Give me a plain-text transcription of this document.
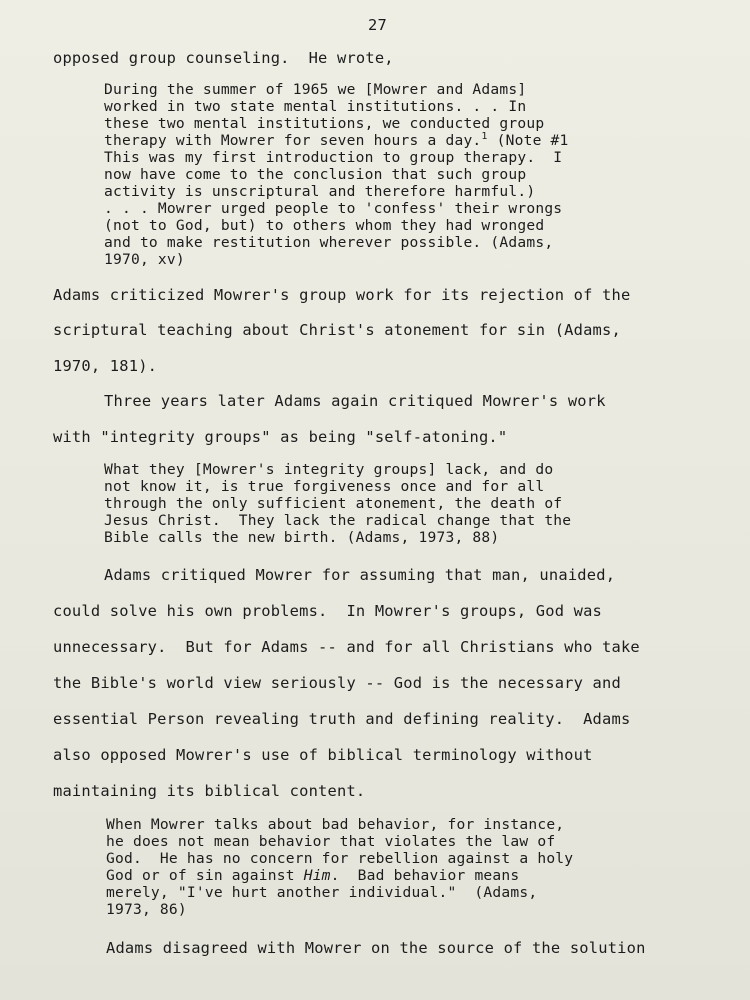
27
opposed group counseling.  He wrote,
During the summer of 1965 we [Mowrer and Adams]
worked in two state mental institutions. . . In
these two mental institutions, we conducted group
therapy with Mowrer for seven hours a day.$^1$ (Note #1
This was my first introduction to group therapy.  I
now have come to the conclusion that such group
activity is unscriptural and therefore harmful.)
. . . Mowrer urged people to 'confess' their wrongs
(not to God, but) to others whom they had wronged
and to make restitution wherever possible. (Adams,
1970, xv)
Adams criticized Mowrer's group work for its rejection of the
scriptural teaching about Christ's atonement for sin (Adams,
1970, 181).
Three years later Adams again critiqued Mowrer's work
with "integrity groups" as being "self-atoning."
What they [Mowrer's integrity groups] lack, and do
not know it, is true forgiveness once and for all
through the only sufficient atonement, the death of
Jesus Christ.  They lack the radical change that the
Bible calls the new birth. (Adams, 1973, 88)
Adams critiqued Mowrer for assuming that man, unaided,
could solve his own problems.  In Mowrer's groups, God was
unnecessary.  But for Adams -- and for all Christians who take
the Bible's world view seriously -- God is the necessary and
essential Person revealing truth and defining reality.  Adams
also opposed Mowrer's use of biblical terminology without
maintaining its biblical content.
When Mowrer talks about bad behavior, for instance,
he does not mean behavior that violates the law of
God.  He has no concern for rebellion against a holy
God or of sin against Him.  Bad behavior means
merely, "I've hurt another individual."  (Adams,
1973, 86)
Adams disagreed with Mowrer on the source of the solution
